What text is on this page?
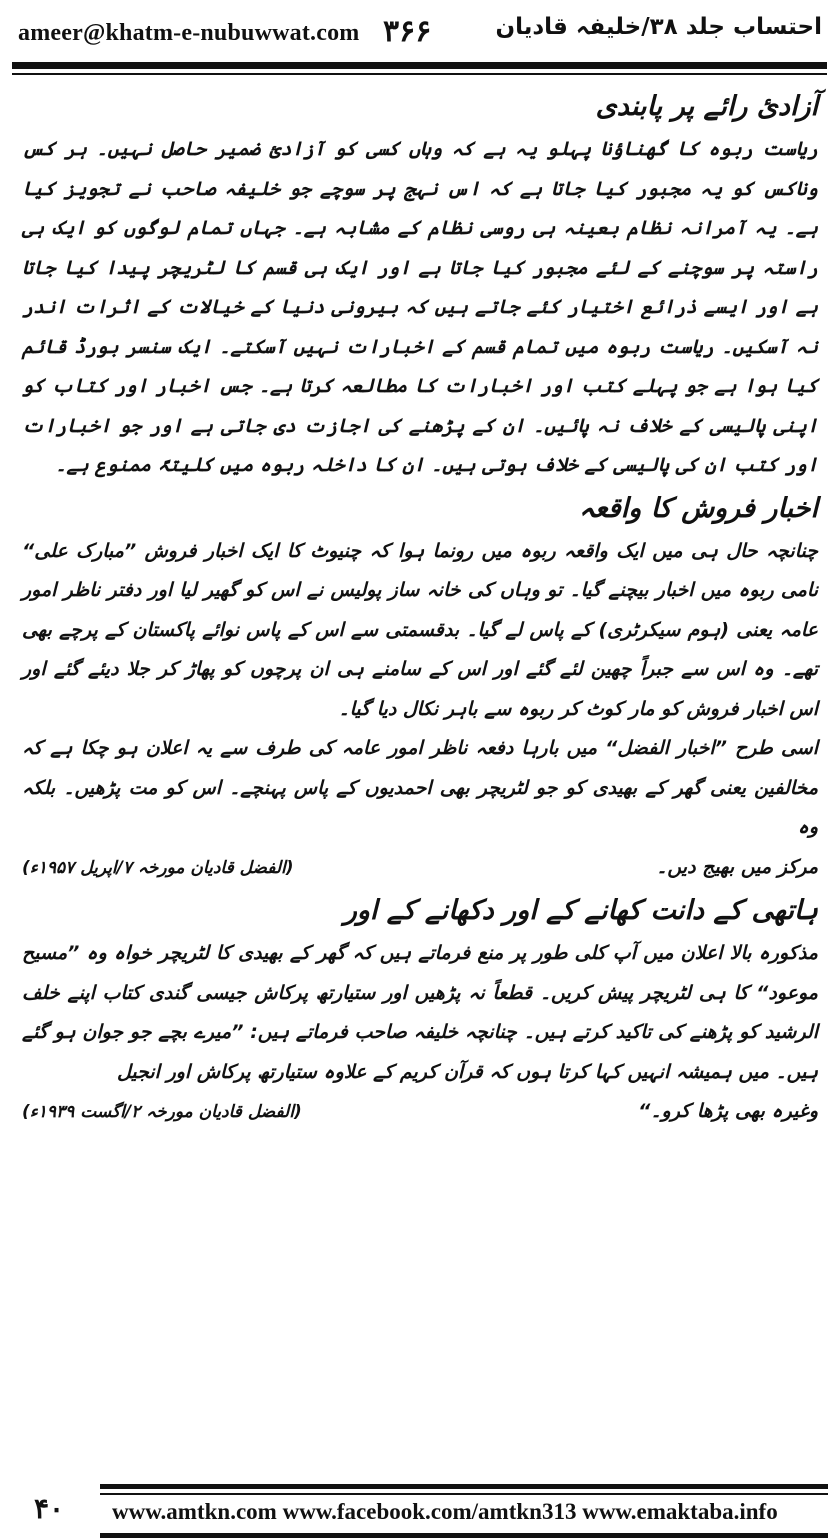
ameer@khatm-e-nubuwwat.com ۳۶۶	احتساب جلد ۳۸/خلیفہ قادیان
آزادیٔ رائے پر پابندی

ریاست ربوہ کا گھناؤنا پہلو یہ ہے کہ وہاں کسی کو آزادیٔ ضمیر حاصل نہیں۔ ہر کس وناکس کو یہ مجبور کیا جاتا ہے کہ اس نہج پر سوچے جو خلیفہ صاحب نے تجویز کیا ہے۔ یہ آمرانہ نظام بعینہ ہی روسی نظام کے مشابہ ہے۔ جہاں تمام لوگوں کو ایک ہی راستہ پر سوچنے کے لئے مجبور کیا جاتا ہے اور ایک ہی قسم کا لٹریچر پیدا کیا جاتا ہے اور ایسے ذرائع اختیار کئے جاتے ہیں کہ بیرونی دنیا کے خیالات کے اثرات اندر نہ آسکیں۔ ریاست ربوہ میں تمام قسم کے اخبارات نہیں آسکتے۔ ایک سنسر بورڈ قائم کیا ہوا ہے جو پہلے کتب اور اخبارات کا مطالعہ کرتا ہے۔ جس اخبار اور کتاب کو اپنی پالیسی کے خلاف نہ پائیں۔ ان کے پڑھنے کی اجازت دی جاتی ہے اور جو اخبارات اور کتب ان کی پالیسی کے خلاف ہوتی ہیں۔ ان کا داخلہ ربوہ میں کلیتہً ممنوع ہے۔

اخبار فروش کا واقعہ

چنانچہ حال ہی میں ایک واقعہ ربوہ میں رونما ہوا کہ چنیوٹ کا ایک اخبار فروش ”مبارک علی“ نامی ربوہ میں اخبار بیچنے گیا۔ تو وہاں کی خانہ ساز پولیس نے اس کو گھیر لیا اور دفتر ناظر امور عامہ یعنی (ہوم سیکرٹری) کے پاس لے گیا۔ بدقسمتی سے اس کے پاس نوائے پاکستان کے پرچے بھی تھے۔ وہ اس سے جبراً چھین لئے گئے اور اس کے سامنے ہی ان پرچوں کو پھاڑ کر جلا دیئے گئے اور اس اخبار فروش کو مار کوٹ کر ربوہ سے باہر نکال دیا گیا۔

اسی طرح ”اخبار الفضل“ میں بارہا دفعہ ناظر امور عامہ کی طرف سے یہ اعلان ہو چکا ہے کہ مخالفین یعنی گھر کے بھیدی کو جو لٹریچر بھی احمدیوں کے پاس پہنچے۔ اس کو مت پڑھیں۔ بلکہ وہ

مرکز میں بھیج دیں۔
(الفضل قادیان مورخہ ۷/اپریل ۱۹۵۷ء)
ہاتھی کے دانت کھانے کے اور دکھانے کے اور

مذکورہ بالا اعلان میں آپ کلی طور پر منع فرماتے ہیں کہ گھر کے بھیدی کا لٹریچر خواہ وہ ”مسیح موعود“ کا ہی لٹریچر پیش کریں۔ قطعاً نہ پڑھیں اور ستیارتھ پرکاش جیسی گندی کتاب اپنے خلف الرشید کو پڑھنے کی تاکید کرتے ہیں۔ چنانچہ خلیفہ صاحب فرماتے ہیں: ”میرے بچے جو جوان ہو گئے ہیں۔ میں ہمیشہ انہیں کہا کرتا ہوں کہ قرآن کریم کے علاوہ ستیارتھ پرکاش اور انجیل

وغیرہ بھی پڑھا کرو۔“
(الفضل قادیان مورخہ ۲/اگست ۱۹۳۹ء)
۴۰	www.amtkn.com www.facebook.com/amtkn313 www.emaktaba.info
